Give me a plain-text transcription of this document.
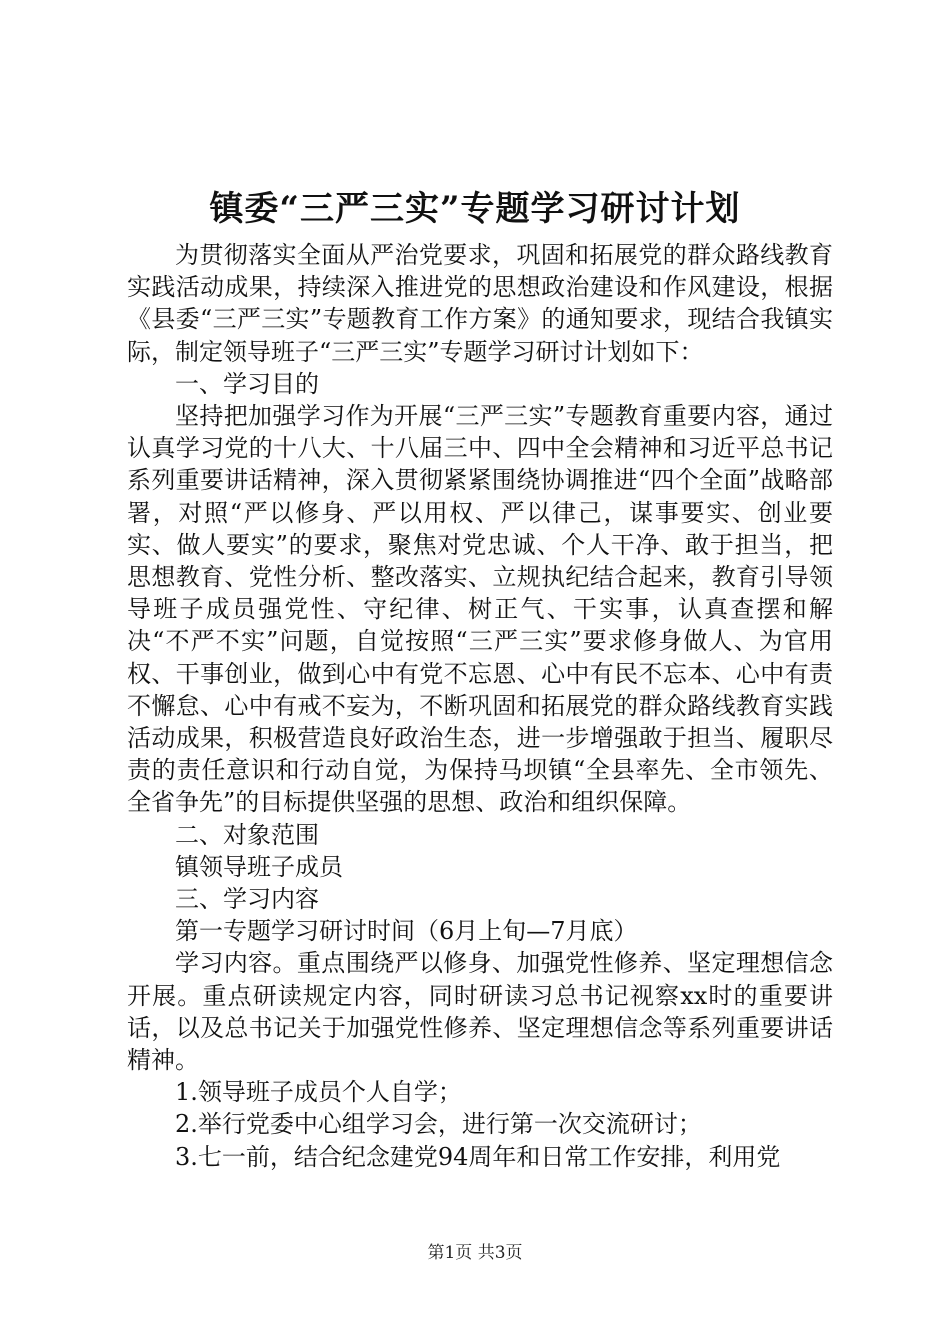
镇委“三严三实”专题学习研讨计划

为贯彻落实全面从严治党要求，巩固和拓展党的群众路线教育实践活动成果，持续深入推进党的思想政治建设和作风建设，根据《县委“三严三实”专题教育工作方案》的通知要求，现结合我镇实际，制定领导班子“三严三实”专题学习研讨计划如下：

一、学习目的

坚持把加强学习作为开展“三严三实”专题教育重要内容，通过认真学习党的十八大、十八届三中、四中全会精神和习近平总书记系列重要讲话精神，深入贯彻紧紧围绕协调推进“四个全面”战略部署，对照“严以修身、严以用权、严以律己，谋事要实、创业要实、做人要实”的要求，聚焦对党忠诚、个人干净、敢于担当，把思想教育、党性分析、整改落实、立规执纪结合起来，教育引导领导班子成员强党性、守纪律、树正气、干实事，认真查摆和解决“不严不实”问题，自觉按照“三严三实”要求修身做人、为官用权、干事创业，做到心中有党不忘恩、心中有民不忘本、心中有责不懈怠、心中有戒不妄为，不断巩固和拓展党的群众路线教育实践活动成果，积极营造良好政治生态，进一步增强敢于担当、履职尽责的责任意识和行动自觉，为保持马坝镇“全县率先、全市领先、全省争先”的目标提供坚强的思想、政治和组织保障。

二、对象范围

镇领导班子成员

三、学习内容

第一专题学习研讨时间（6月上旬—7月底）

学习内容。重点围绕严以修身、加强党性修养、坚定理想信念开展。重点研读规定内容，同时研读习总书记视察xx时的重要讲话，以及总书记关于加强党性修养、坚定理想信念等系列重要讲话精神。

1.领导班子成员个人自学；

2.举行党委中心组学习会，进行第一次交流研讨；

3.七一前，结合纪念建党94周年和日常工作安排，利用党

第1页 共3页
